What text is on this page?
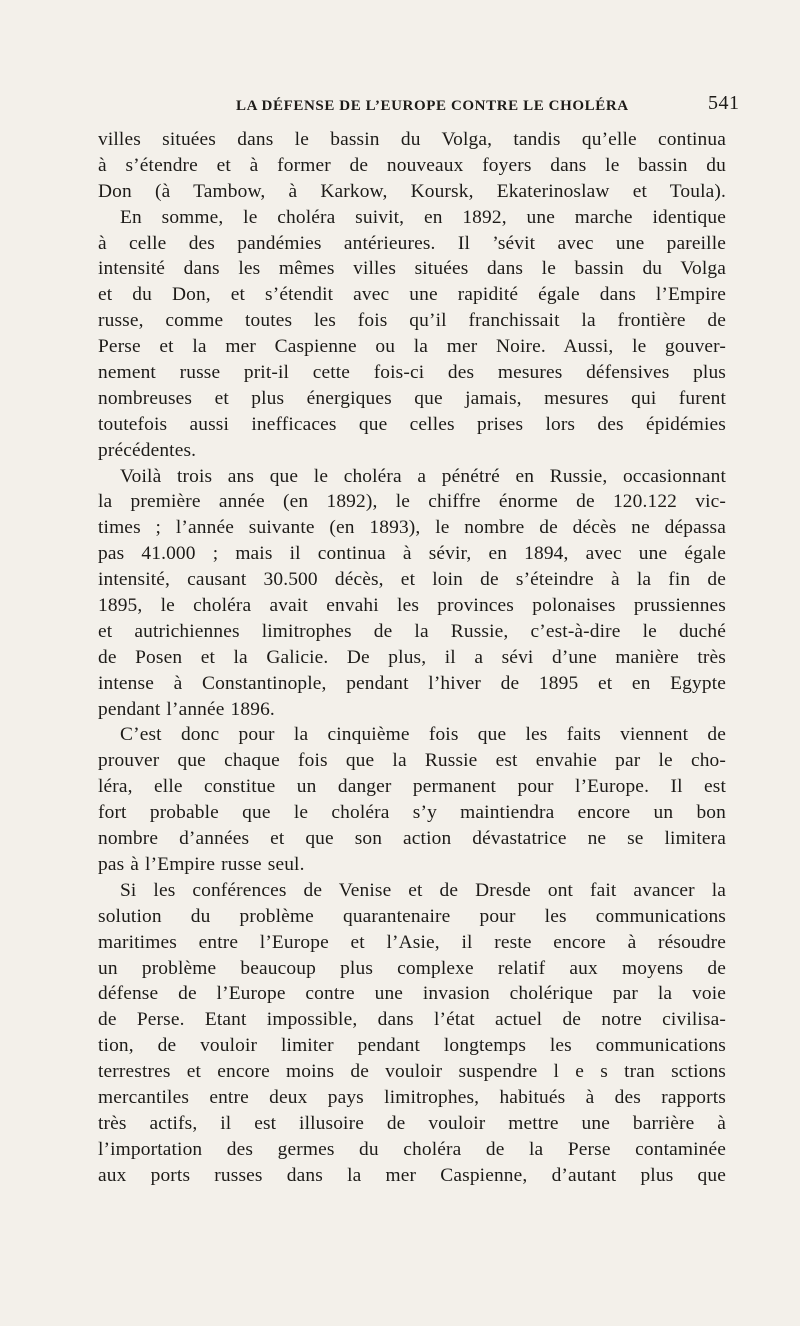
LA DÉFENSE DE L’EUROPE CONTRE LE CHOLÉRA	541
villes situées dans le bassin du Volga, tandis qu’elle continua
à s’étendre et à former de nouveaux foyers dans le bassin du
Don (à Tambow, à Karkow, Koursk, Ekaterinoslaw et Toula).
En somme, le choléra suivit, en 1892, une marche identique
à celle des pandémies antérieures. Il ’sévit avec une pareille
intensité dans les mêmes villes situées dans le bassin du Volga
et du Don, et s’étendit avec une rapidité égale dans l’Empire
russe, comme toutes les fois qu’il franchissait la frontière de
Perse et la mer Caspienne ou la mer Noire. Aussi, le gouver-
nement russe prit-il cette fois-ci des mesures défensives plus
nombreuses et plus énergiques que jamais, mesures qui furent
toutefois aussi inefficaces que celles prises lors des épidémies
précédentes.
Voilà trois ans que le choléra a pénétré en Russie, occasionnant
la première année (en 1892), le chiffre énorme de 120.122 vic-
times ; l’année suivante (en 1893), le nombre de décès ne dépassa
pas 41.000 ; mais il continua à sévir, en 1894, avec une égale
intensité, causant 30.500 décès, et loin de s’éteindre à la fin de
1895, le choléra avait envahi les provinces polonaises prussiennes
et autrichiennes limitrophes de la Russie, c’est-à-dire le duché
de Posen et la Galicie. De plus, il a sévi d’une manière très
intense à Constantinople, pendant l’hiver de 1895 et en Egypte
pendant l’année 1896.
C’est donc pour la cinquième fois que les faits viennent de
prouver que chaque fois que la Russie est envahie par le cho-
léra, elle constitue un danger permanent pour l’Europe. Il est
fort probable que le choléra s’y maintiendra encore un bon
nombre d’années et que son action dévastatrice ne se limitera
pas à l’Empire russe seul.
Si les conférences de Venise et de Dresde ont fait avancer la
solution du problème quarantenaire pour les communications
maritimes entre l’Europe et l’Asie, il reste encore à résoudre
un problème beaucoup plus complexe relatif aux moyens de
défense de l’Europe contre une invasion cholérique par la voie
de Perse. Etant impossible, dans l’état actuel de notre civilisa-
tion, de vouloir limiter pendant longtemps les communications
terrestres et encore moins de vouloir suspendre l e s tran sctions
mercantiles entre deux pays limitrophes, habitués à des rapports
très actifs, il est illusoire de vouloir mettre une barrière à
l’importation des germes du choléra de la Perse contaminée
aux ports russes dans la mer Caspienne, d’autant plus que
